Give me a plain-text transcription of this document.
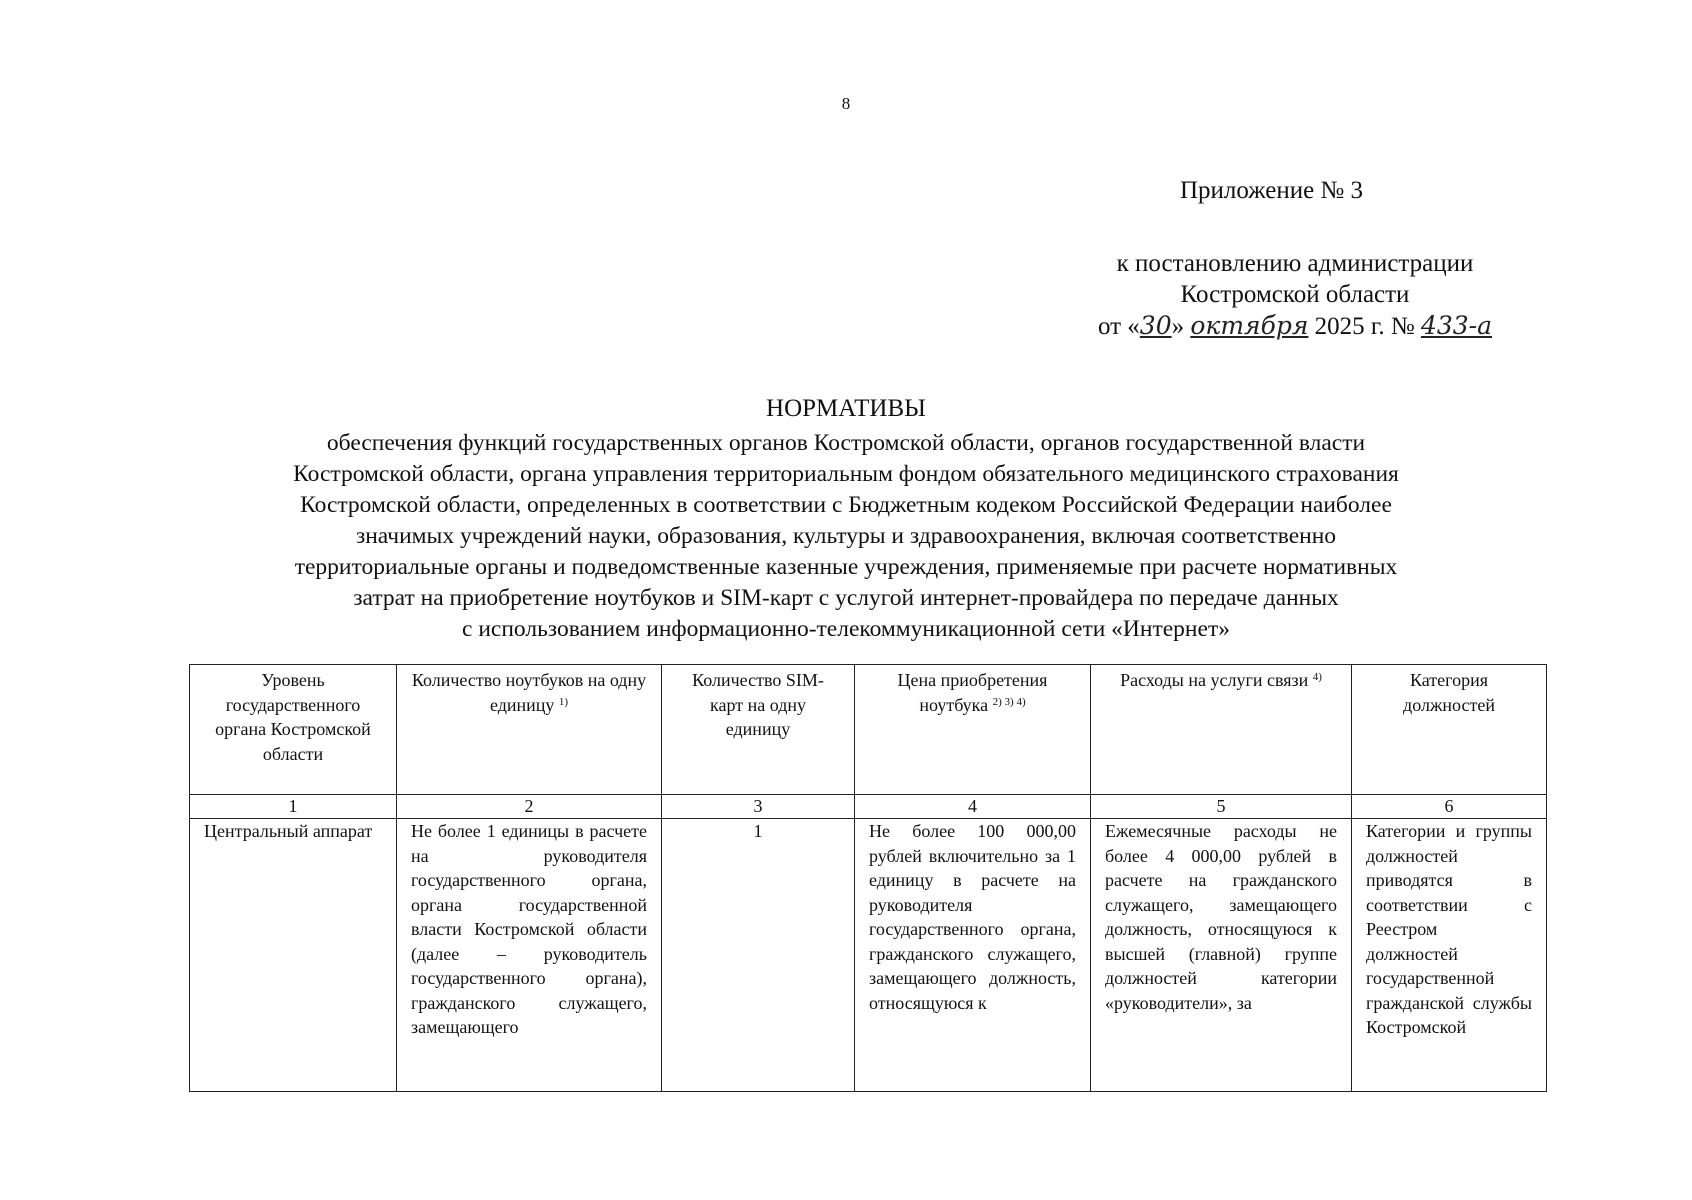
8
Приложение № 3
к постановлению администрации
Костромской области
от «30» октября 2025 г. № 433-а
НОРМАТИВЫ
обеспечения функций государственных органов Костромской области, органов государственной власти
Костромской области, органа управления территориальным фондом обязательного медицинского страхования
Костромской области, определенных в соответствии с Бюджетным кодеком Российской Федерации наиболее
значимых учреждений науки, образования, культуры и здравоохранения, включая соответственно
территориальные органы и подведомственные казенные учреждения, применяемые при расчете нормативных
затрат на приобретение ноутбуков и SIM-карт с услугой интернет-провайдера по передаче данных
с использованием информационно-телекоммуникационной сети «Интернет»
Уровень государственного органа Костромской области	Количество ноутбуков на одну единицу $^{1)}$	Количество SIM-карт на одну единицу	Цена приобретения ноутбука $^{2) 3) 4)}$	Расходы на услуги связи $^{4)}$	Категория должностей
1	2	3	4	5	6
Центральный аппарат	Не более 1 единицы в расчете на руководителя государственного органа, органа государственной власти Костромской области (далее – руководитель государственного органа), гражданского служащего, замещающего	1	Не более 100 000,00 рублей включительно за 1 единицу в расчете на руководителя государственного органа, гражданского служащего, замещающего должность, относящуюся к	Ежемесячные расходы не более 4 000,00 рублей в расчете на гражданского служащего, замещающего должность, относящуюся к высшей (главной) группе должностей категории «руководители», за	Категории и группы должностей приводятся в соответствии с Реестром должностей государственной гражданской службы Костромской
